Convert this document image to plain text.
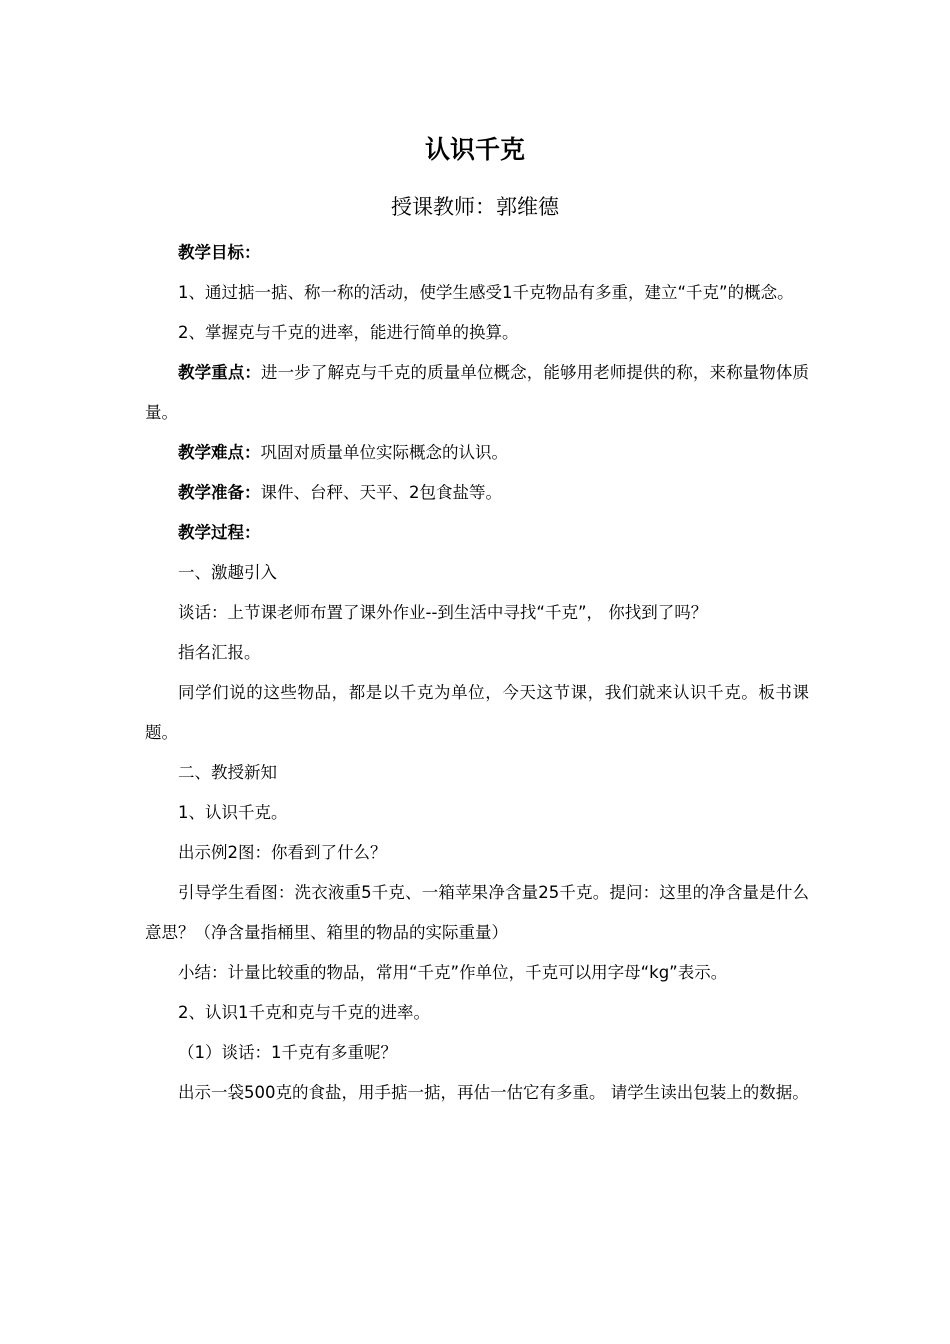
认识千克
授课教师：郭维德

教学目标：

1、通过掂一掂、称一称的活动，使学生感受1千克物品有多重，建立“千克”的概念。

2、掌握克与千克的进率，能进行简单的换算。

教学重点：进一步了解克与千克的质量单位概念，能够用老师提供的称，来称量物体质量。

教学难点：巩固对质量单位实际概念的认识。

教学准备：课件、台秤、天平、2包食盐等。

教学过程：

一、激趣引入

谈话：上节课老师布置了课外作业--到生活中寻找“千克”， 你找到了吗？

指名汇报。

同学们说的这些物品，都是以千克为单位，今天这节课，我们就来认识千克。板书课题。

二、教授新知

1、认识千克。

出示例2图：你看到了什么？

引导学生看图：洗衣液重5千克、一箱苹果净含量25千克。提问：这里的净含量是什么意思？（净含量指桶里、箱里的物品的实际重量）

小结：计量比较重的物品，常用“千克”作单位，千克可以用字母“kg”表示。

2、认识1千克和克与千克的进率。

（1）谈话：1千克有多重呢？

出示一袋500克的食盐，用手掂一掂，再估一估它有多重。 请学生读出包装上的数据。
